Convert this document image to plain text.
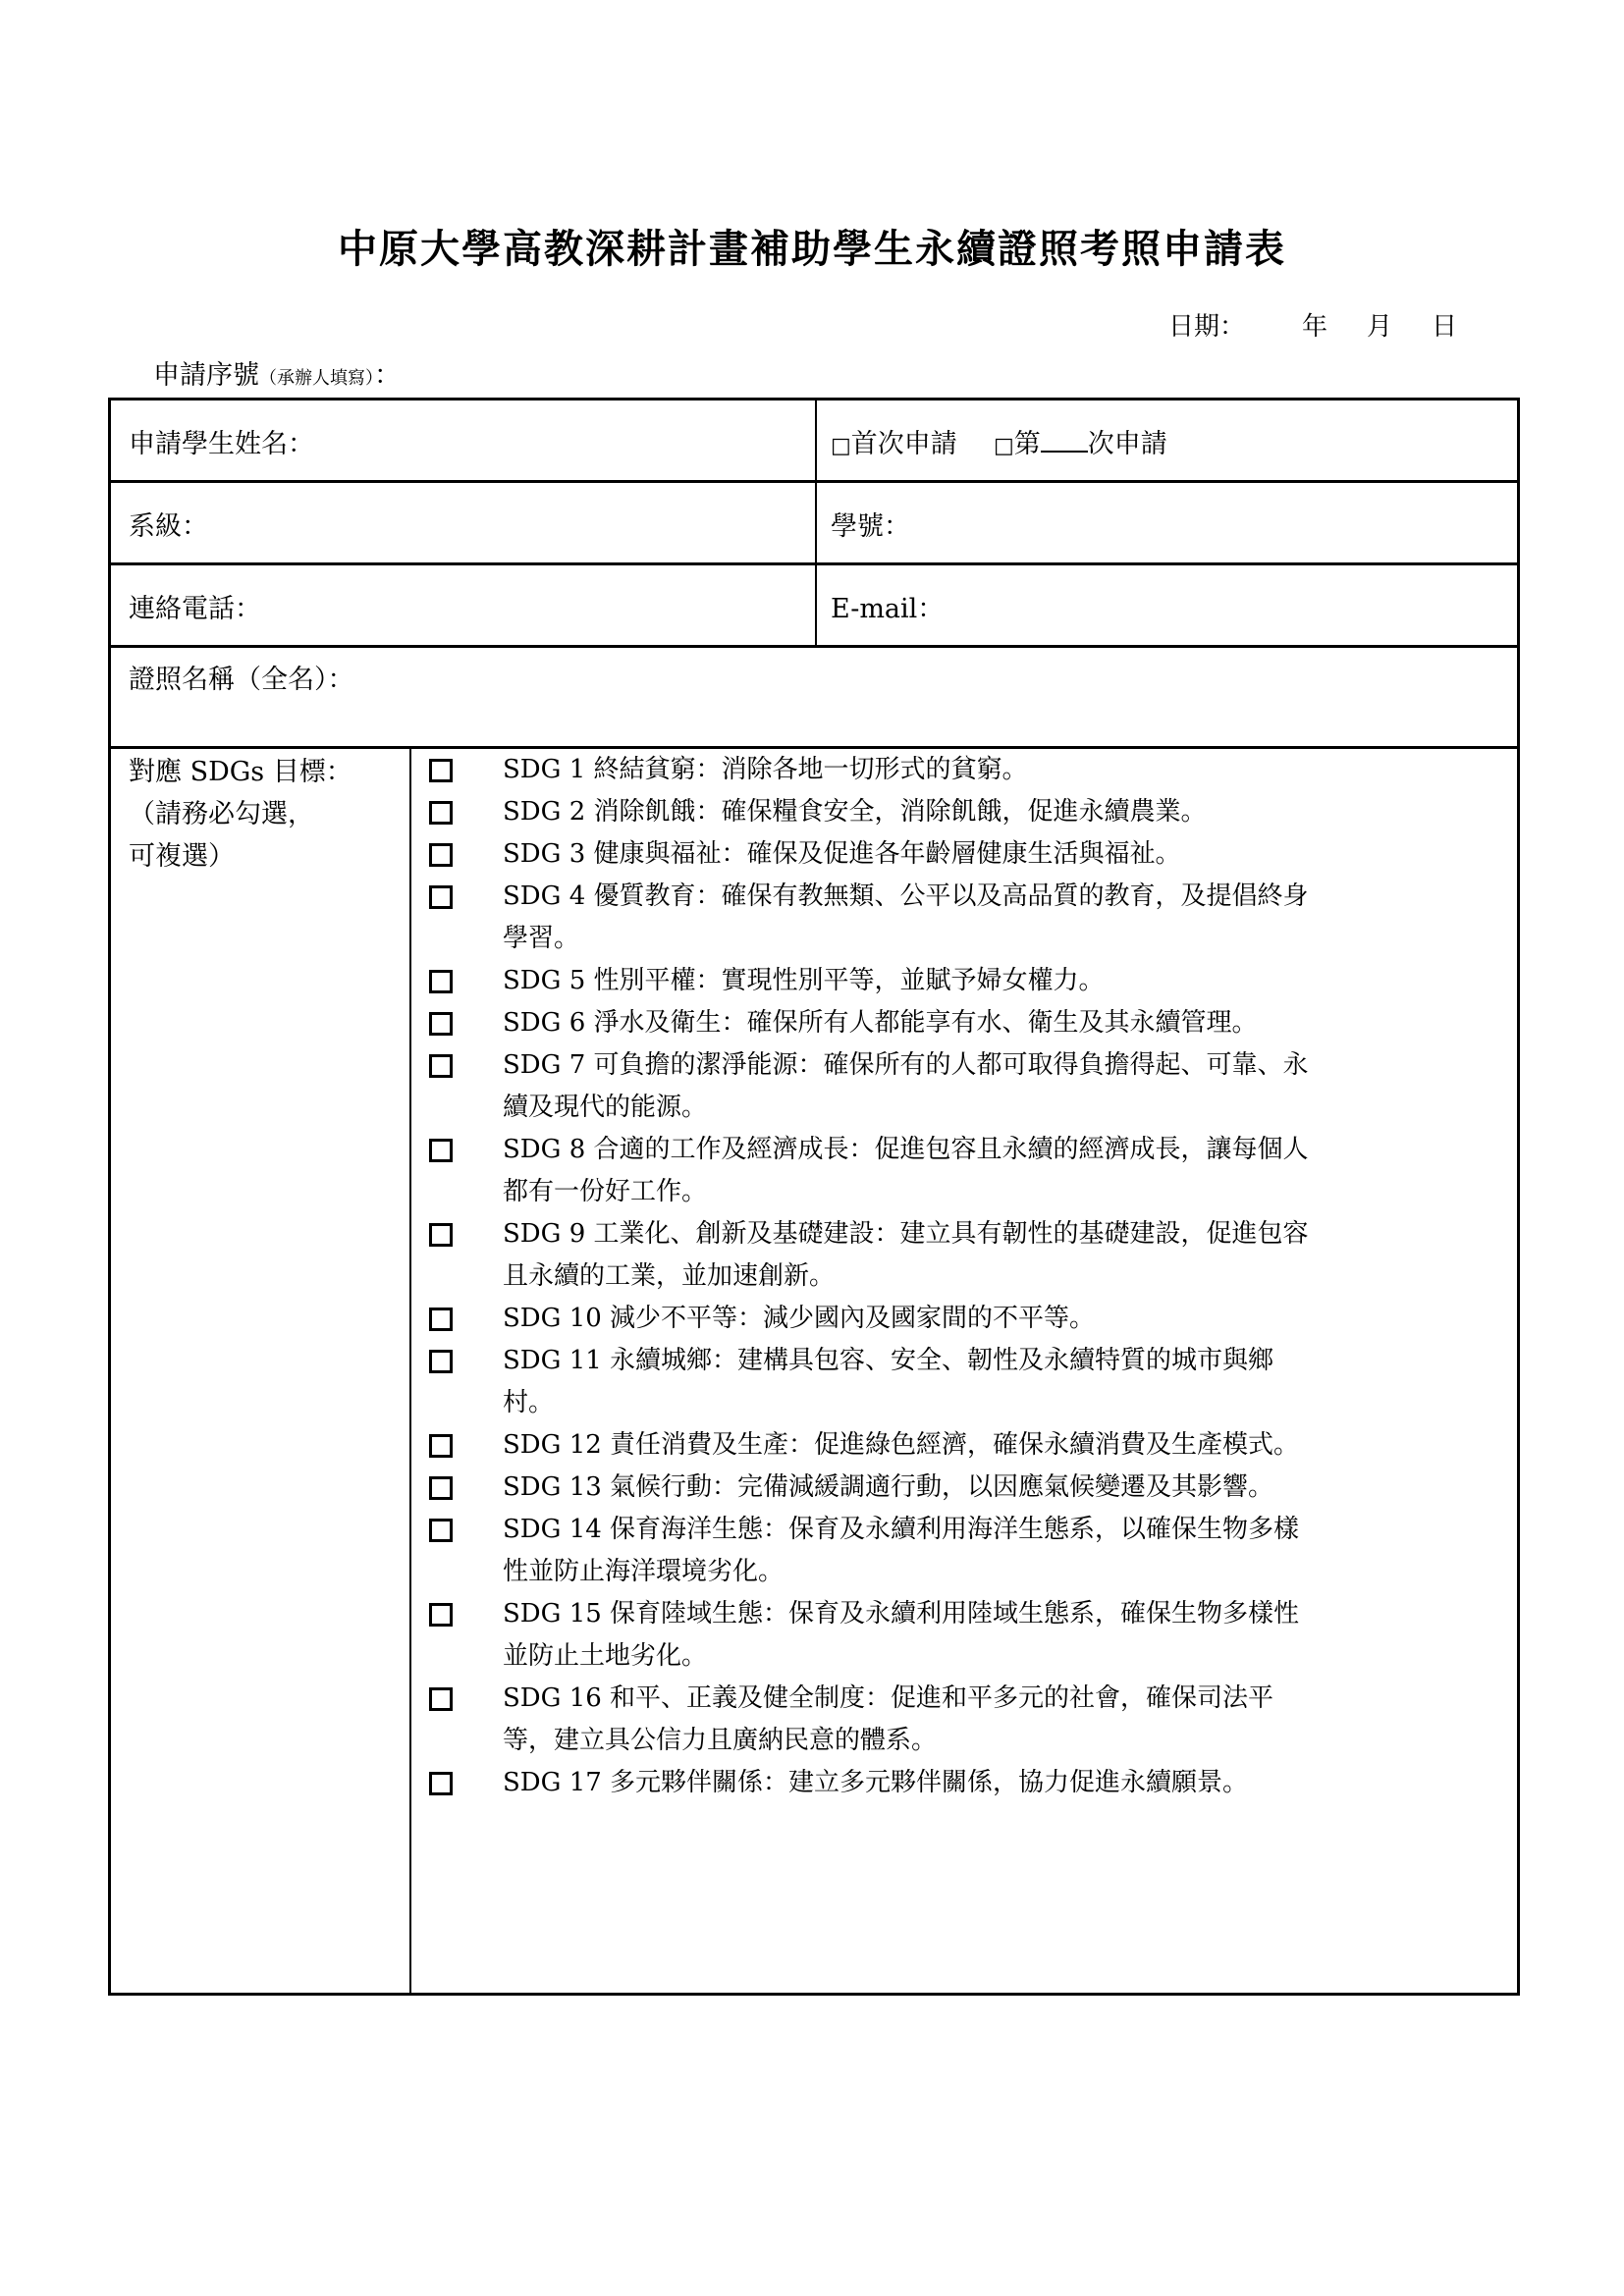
中原大學高教深耕計畫補助學生永續證照考照申請表
日期： 年 月 日
申請序號（承辦人填寫）：
申請學生姓名：	□首次申請 □第 次申請
系級：	學號：
連絡電話：	E-mail：
證照名稱（全名）：
對應 SDGs 目標：
（請務必勾選，
可複選）
SDG 1 終結貧窮：消除各地一切形式的貧窮。
SDG 2 消除飢餓：確保糧食安全，消除飢餓，促進永續農業。
SDG 3 健康與福祉：確保及促進各年齡層健康生活與福祉。
SDG 4 優質教育：確保有教無類、公平以及高品質的教育，及提倡終身
學習。
SDG 5 性別平權：實現性別平等，並賦予婦女權力。
SDG 6 淨水及衛生：確保所有人都能享有水、衛生及其永續管理。
SDG 7 可負擔的潔淨能源：確保所有的人都可取得負擔得起、可靠、永
續及現代的能源。
SDG 8 合適的工作及經濟成長：促進包容且永續的經濟成長，讓每個人
都有一份好工作。
SDG 9 工業化、創新及基礎建設：建立具有韌性的基礎建設，促進包容
且永續的工業，並加速創新。
SDG 10 減少不平等：減少國內及國家間的不平等。
SDG 11 永續城鄉：建構具包容、安全、韌性及永續特質的城市與鄉
村。
SDG 12 責任消費及生產：促進綠色經濟，確保永續消費及生產模式。
SDG 13 氣候行動：完備減緩調適行動，以因應氣候變遷及其影響。
SDG 14 保育海洋生態：保育及永續利用海洋生態系，以確保生物多樣
性並防止海洋環境劣化。
SDG 15 保育陸域生態：保育及永續利用陸域生態系，確保生物多樣性
並防止土地劣化。
SDG 16 和平、正義及健全制度：促進和平多元的社會，確保司法平
等，建立具公信力且廣納民意的體系。
SDG 17 多元夥伴關係：建立多元夥伴關係，協力促進永續願景。
